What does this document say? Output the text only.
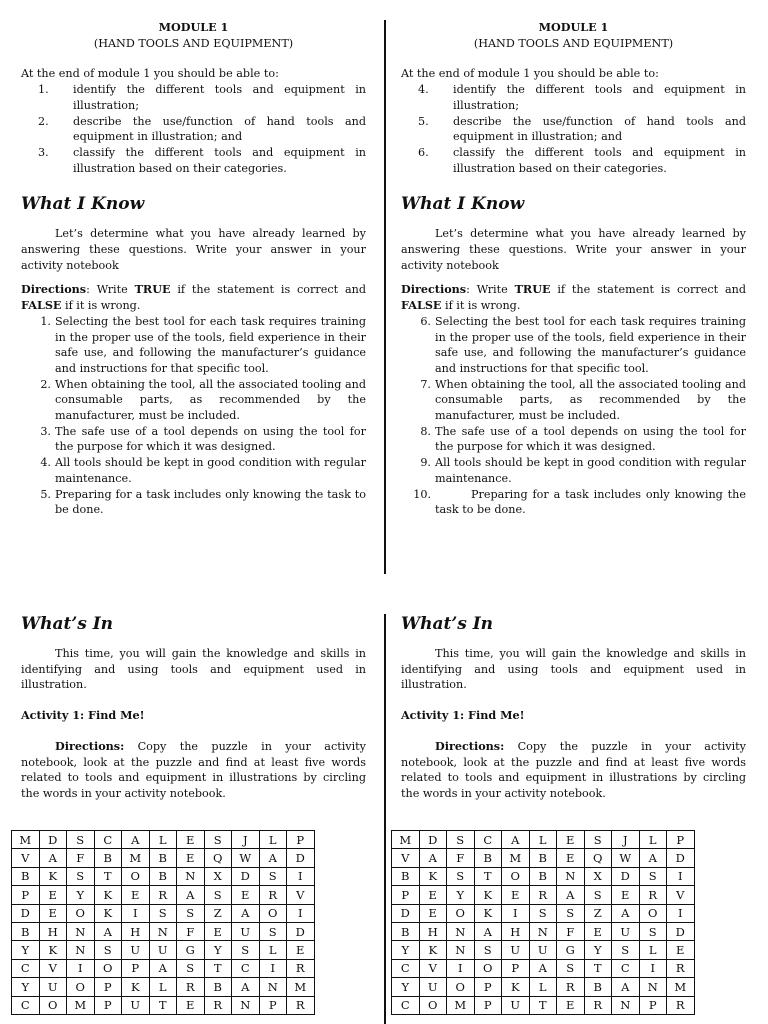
MODULE 1
(HAND TOOLS AND EQUIPMENT)
At the end of module 1 you should be able to:
1.	identify the different tools and equipment in illustration;
2.	describe the use/function of hand tools and equipment in illustration; and
3.	classify the different tools and equipment in illustration based on their categories.
What I Know
Let’s determine what you have already learned by answering these questions. Write your answer in your activity notebook
Directions: Write TRUE if the statement is correct and FALSE if it is wrong.
1. Selecting the best tool for each task requires training in the proper use of the tools, field experience in their safe use, and following the manufacturer’s guidance and instructions for that specific tool.
2. When obtaining the tool, all the associated tooling and consumable parts, as recommended by the manufacturer, must be included.
3. The safe use of a tool depends on using the tool for the purpose for which it was designed.
4. All tools should be kept in good condition with regular maintenance.
5. Preparing for a task includes only knowing the task to be done.
MODULE 1
(HAND TOOLS AND EQUIPMENT)
At the end of module 1 you should be able to:
4.	identify the different tools and equipment in illustration;
5.	describe the use/function of hand tools and equipment in illustration; and
6.	classify the different tools and equipment in illustration based on their categories.
What I Know
Let’s determine what you have already learned by answering these questions. Write your answer in your activity notebook
Directions: Write TRUE if the statement is correct and FALSE if it is wrong.
6. Selecting the best tool for each task requires training in the proper use of the tools, field experience in their safe use, and following the manufacturer’s guidance and instructions for that specific tool.
7. When obtaining the tool, all the associated tooling and consumable parts, as recommended by the manufacturer, must be included.
8. The safe use of a tool depends on using the tool for the purpose for which it was designed.
9. All tools should be kept in good condition with regular maintenance.
10.	Preparing for a task includes only knowing the task to be done.
What’s In
This time, you will gain the knowledge and skills in identifying and using tools and equipment used in illustration.
Activity 1: Find Me!
Directions: Copy the puzzle in your activity notebook, look at the puzzle and find at least five words related to tools and equipment in illustrations by circling the words in your activity notebook.
What’s In
This time, you will gain the knowledge and skills in identifying and using tools and equipment used in illustration.
Activity 1: Find Me!
Directions: Copy the puzzle in your activity notebook, look at the puzzle and find at least five words related to tools and equipment in illustrations by circling the words in your activity notebook.
M	D	S	C	A	L	E	S	J	L	P
V	A	F	B	M	B	E	Q	W	A	D
B	K	S	T	O	B	N	X	D	S	I
P	E	Y	K	E	R	A	S	E	R	V
D	E	O	K	I	S	S	Z	A	O	I
B	H	N	A	H	N	F	E	U	S	D
Y	K	N	S	U	U	G	Y	S	L	E
C	V	I	O	P	A	S	T	C	I	R
Y	U	O	P	K	L	R	B	A	N	M
C	O	M	P	U	T	E	R	N	P	R
M	D	S	C	A	L	E	S	J	L	P
V	A	F	B	M	B	E	Q	W	A	D
B	K	S	T	O	B	N	X	D	S	I
P	E	Y	K	E	R	A	S	E	R	V
D	E	O	K	I	S	S	Z	A	O	I
B	H	N	A	H	N	F	E	U	S	D
Y	K	N	S	U	U	G	Y	S	L	E
C	V	I	O	P	A	S	T	C	I	R
Y	U	O	P	K	L	R	B	A	N	M
C	O	M	P	U	T	E	R	N	P	R
